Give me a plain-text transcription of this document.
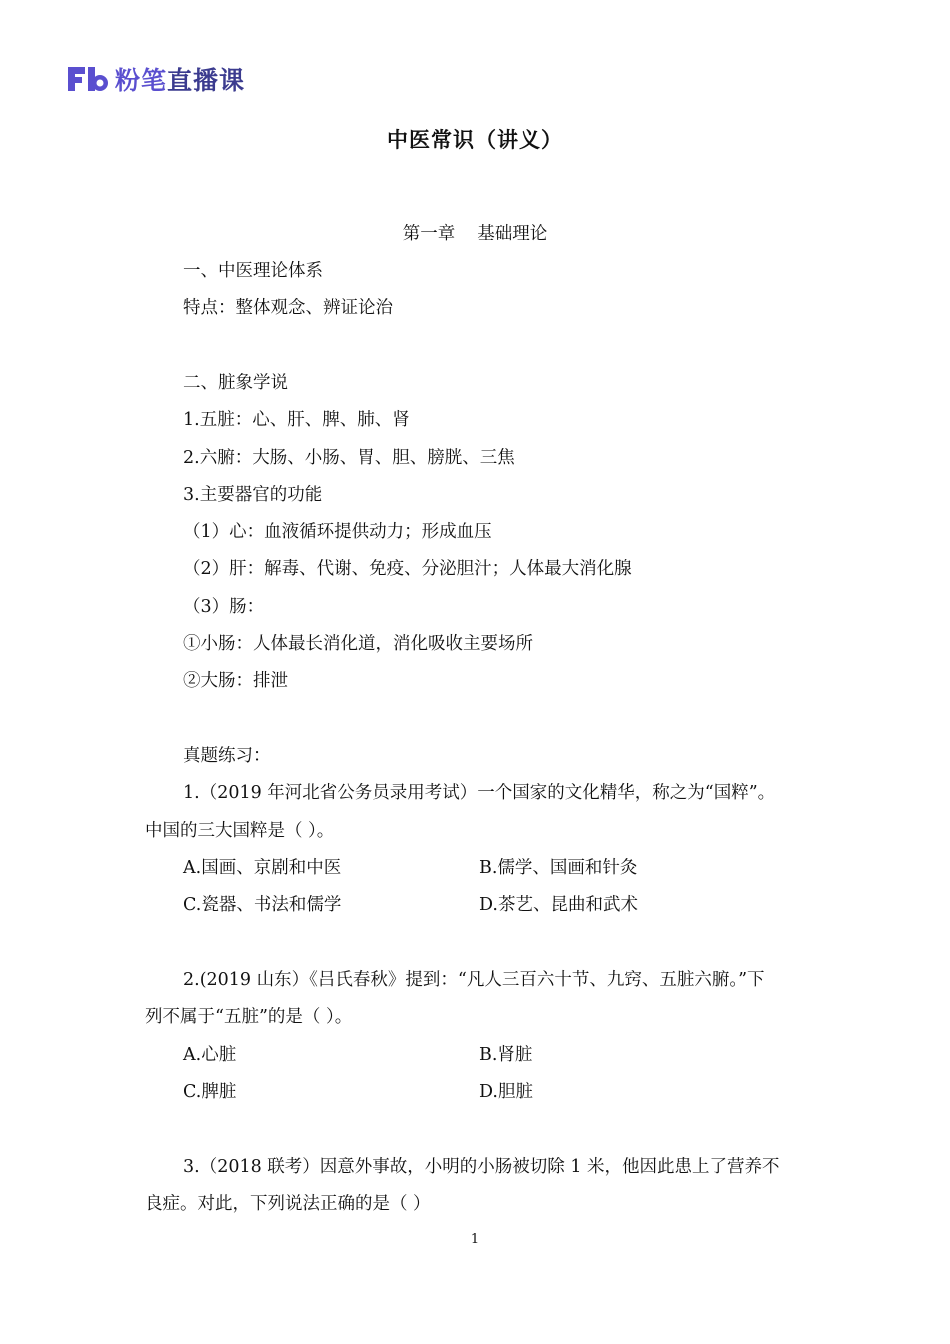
粉笔直播课
中医常识（讲义）
第一章 基础理论
一、中医理论体系
特点：整体观念、辨证论治
二、脏象学说
1.五脏：心、肝、脾、肺、肾
2.六腑：大肠、小肠、胃、胆、膀胱、三焦
3.主要器官的功能
（1）心：血液循环提供动力；形成血压
（2）肝：解毒、代谢、免疫、分泌胆汁；人体最大消化腺
（3）肠：
①小肠：人体最长消化道，消化吸收主要场所
②大肠：排泄
真题练习：
1.（2019 年河北省公务员录用考试）一个国家的文化精华，称之为“国粹”。
中国的三大国粹是（ ）。
A.国画、京剧和中医	B.儒学、国画和针灸
C.瓷器、书法和儒学	D.茶艺、昆曲和武术
2.(2019 山东）《吕氏春秋》提到：“凡人三百六十节、九窍、五脏六腑。”下
列不属于“五脏”的是（ ）。
A.心脏	B.肾脏
C.脾脏	D.胆脏
3.（2018 联考）因意外事故，小明的小肠被切除 1 米，他因此患上了营养不
良症。对此，下列说法正确的是（ ）
1
